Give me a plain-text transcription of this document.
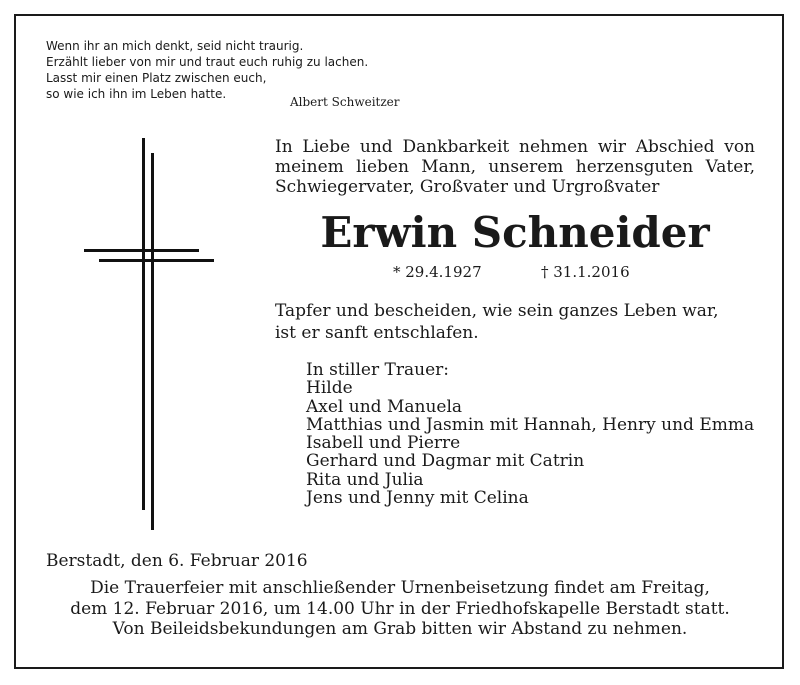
Wenn ihr an mich denkt, seid nicht traurig.
Erzählt lieber von mir und traut euch ruhig zu lachen.
Lasst mir einen Platz zwischen euch,
so wie ich ihn im Leben hatte.
Albert Schweitzer
In Liebe und Dankbarkeit nehmen wir Abschied von
meinem lieben Mann, unserem herzensguten Vater,
Schwiegervater, Großvater und Urgroßvater
Erwin Schneider
* 29.4.1927	† 31.1.2016
Tapfer und bescheiden, wie sein ganzes Leben war,
ist er sanft entschlafen.
In stiller Trauer:
Hilde
Axel und Manuela
Matthias und Jasmin mit Hannah, Henry und Emma
Isabell und Pierre
Gerhard und Dagmar mit Catrin
Rita und Julia
Jens und Jenny mit Celina
Berstadt, den 6. Februar 2016
Die Trauerfeier mit anschließender Urnenbeisetzung findet am Freitag,
dem 12. Februar 2016, um 14.00 Uhr in der Friedhofskapelle Berstadt statt.
Von Beileidsbekundungen am Grab bitten wir Abstand zu nehmen.
